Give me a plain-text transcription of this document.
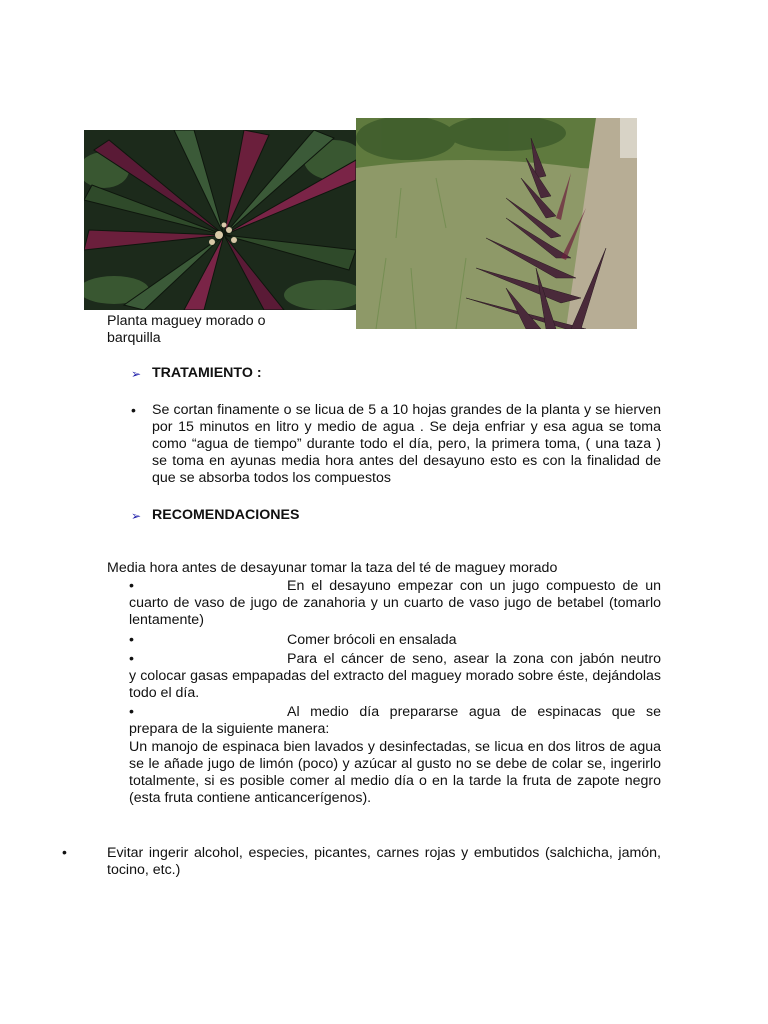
Planta maguey morado o
barquilla
➢ TRATAMIENTO :
• Se cortan finamente o se licua de 5 a 10 hojas grandes de la planta y se hierven por 15 minutos en litro y medio de agua . Se deja enfriar y esa agua se toma como “agua de tiempo” durante todo el día, pero, la primera toma, ( una taza ) se toma en ayunas media hora antes del desayuno esto es con la finalidad de que se absorba todos los compuestos
➢ RECOMENDACIONES
Media hora antes de desayunar tomar la taza del té de maguey morado
•	En el desayuno empezar con un jugo compuesto de un
cuarto de vaso de jugo de zanahoria y un cuarto de vaso jugo de betabel (tomarlo lentamente)
•	Comer brócoli en ensalada
•	Para el cáncer de seno, asear la zona con jabón neutro
y colocar gasas empapadas del extracto del maguey morado sobre éste, dejándolas todo el día.
•	Al medio día prepararse agua de espinacas que se
prepara de la siguiente manera:
Un manojo de espinaca bien lavados y desinfectadas, se licua en dos litros de agua se le añade jugo de limón (poco) y azúcar al gusto no se debe de colar se, ingerirlo totalmente, si es posible comer al medio día o en la tarde la fruta de zapote negro (esta fruta contiene anticancerígenos).
•	Evitar ingerir alcohol, especies, picantes, carnes rojas y embutidos (salchicha, jamón, tocino, etc.)
